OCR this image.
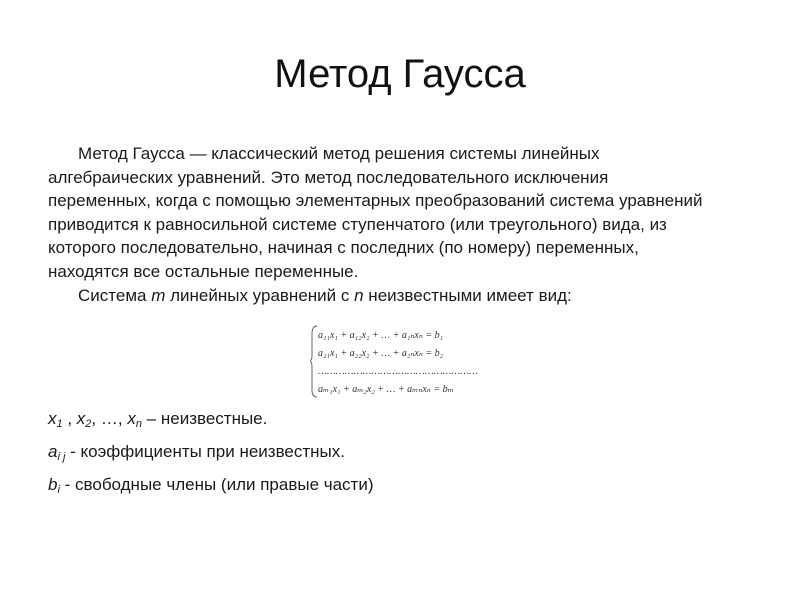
Метод Гаусса

Метод Гаусса — классический метод решения системы линейных алгебраических уравнений. Это метод последовательного исключения переменных, когда с помощью элементарных преобразований система уравнений приводится к равносильной системе ступенчатого (или треугольного) вида, из которого последовательно, начиная с последних (по номеру) переменных, находятся все остальные переменные.

Система m линейных уравнений с n неизвестными имеет вид:

a₁₁x₁ + a₁₂x₂ + … + a₁ₙxₙ = b₁
a₂₁x₁ + a₂₂x₂ + … + a₂ₙxₙ = b₂
………………………………………………
aₘ₁x₁ + aₘ₂x₂ + … + aₘₙxₙ = bₘ

$x_1$ , $x_2$, …, $x_n$ – неизвестные.

$a_{i j}$ - коэффициенты при неизвестных.

$b_i$ - свободные члены (или правые части)
